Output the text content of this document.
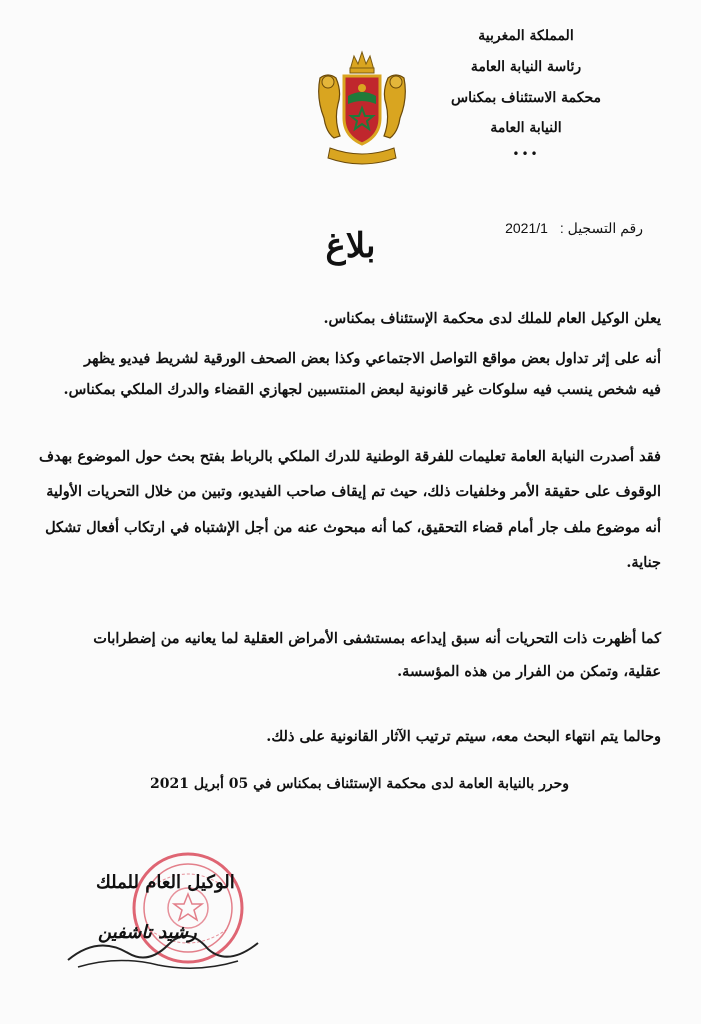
المملكة المغربية
رئاسة النيابة العامة
محكمة الاستئناف بمكناس
النيابة العامة
•••
رقم التسجيل : 2021/1
بلاغ
يعلن الوكيل العام للملك لدى محكمة الإستئناف بمكناس.
أنه على إثر تداول بعض مواقع التواصل الاجتماعي وكذا بعض الصحف الورقية لشريط فيديو يظهر
فيه شخص ينسب فيه سلوكات غير قانونية لبعض المنتسبين لجهازي القضاء والدرك الملكي بمكناس.
فقد أصدرت النيابة العامة تعليمات للفرقة الوطنية للدرك الملكي بالرباط بفتح بحث حول الموضوع بهدف
الوقوف على حقيقة الأمر وخلفيات ذلك، حيث تم إيقاف صاحب الفيديو، وتبين من خلال التحريات الأولية
أنه موضوع ملف جار أمام قضاء التحقيق، كما أنه مبحوث عنه من أجل الإشتباه في ارتكاب أفعال تشكل
جناية.
كما أظهرت ذات التحريات أنه سبق إيداعه بمستشفى الأمراض العقلية لما يعانيه من إضطرابات
عقلية، وتمكن من الفرار من هذه المؤسسة.
وحالما يتم انتهاء البحث معه، سيتم ترتيب الآثار القانونية على ذلك.
وحرر بالنيابة العامة لدى محكمة الإستئناف بمكناس في 05 أبريل 2021
الوكيل العام للملك
رشيد تاشفين
